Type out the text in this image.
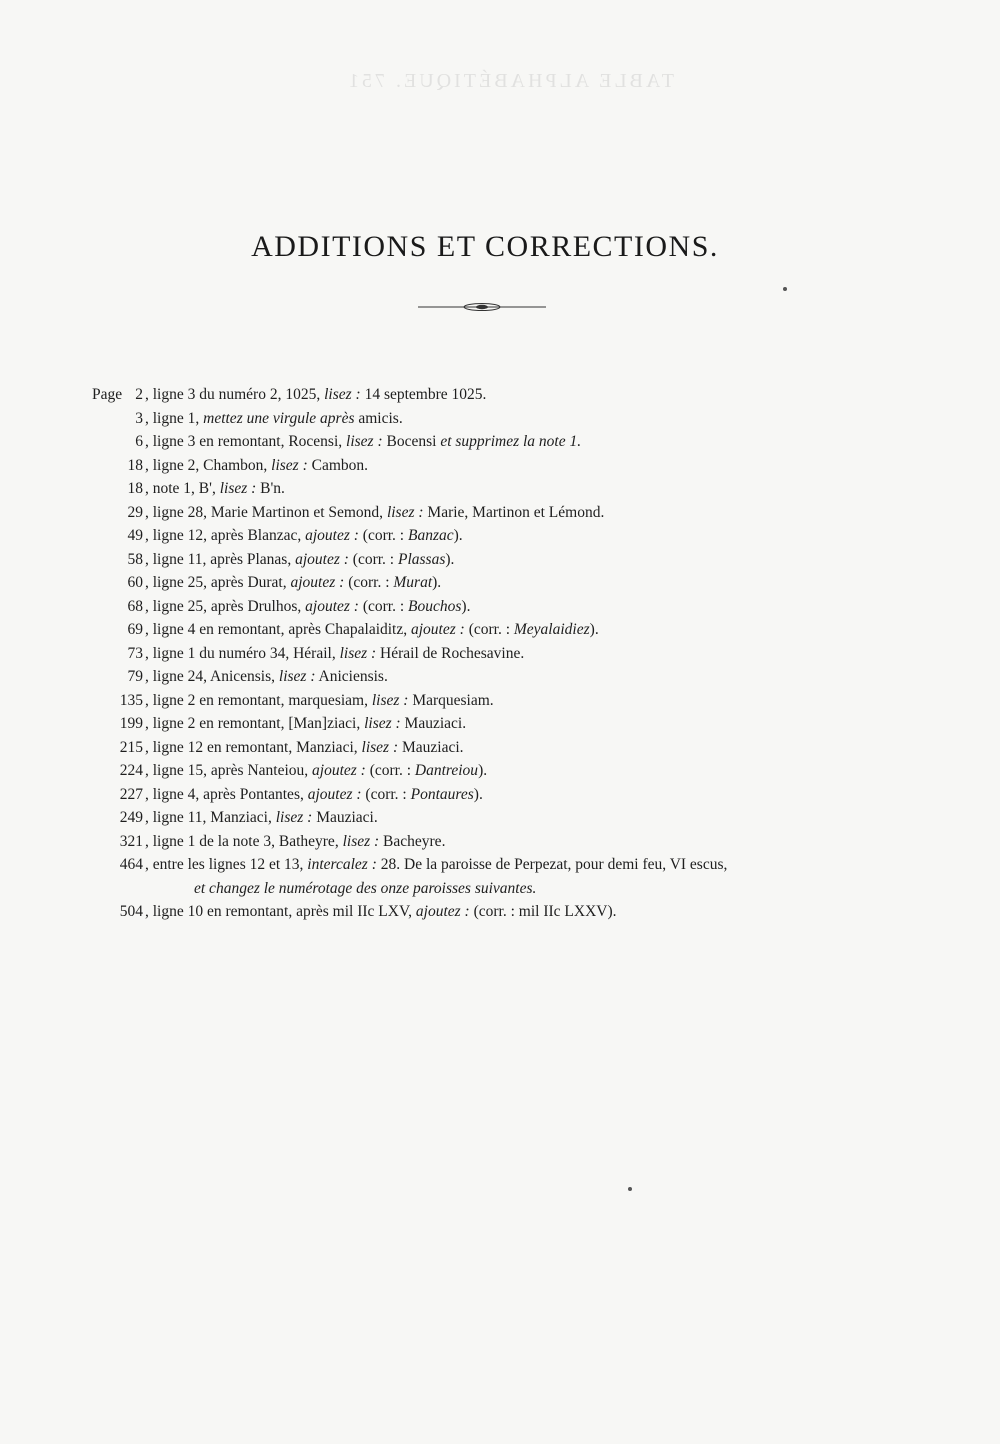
TABLE ALPHABÉTIQUE. 751
ADDITIONS ET CORRECTIONS.
Page 2 , ligne 3 du numéro 2, 1025, lisez : 14 septembre 1025.
3 , ligne 1, mettez une virgule après amicis.
6 , ligne 3 en remontant, Rocensi, lisez : Bocensi et supprimez la note 1.
18 , ligne 2, Chambon, lisez : Cambon.
18 , note 1, B', lisez : B'n.
29 , ligne 28, Marie Martinon et Semond, lisez : Marie, Martinon et Lémond.
49 , ligne 12, après Blanzac, ajoutez : (corr. : Banzac).
58 , ligne 11, après Planas, ajoutez : (corr. : Plassas).
60 , ligne 25, après Durat, ajoutez : (corr. : Murat).
68 , ligne 25, après Drulhos, ajoutez : (corr. : Bouchos).
69 , ligne 4 en remontant, après Chapalaiditz, ajoutez : (corr. : Meyalaidiez).
73 , ligne 1 du numéro 34, Hérail, lisez : Hérail de Rochesavine.
79 , ligne 24, Anicensis, lisez : Aniciensis.
135 , ligne 2 en remontant, marquesiam, lisez : Marquesiam.
199 , ligne 2 en remontant, [Man]ziaci, lisez : Mauziaci.
215 , ligne 12 en remontant, Manziaci, lisez : Mauziaci.
224 , ligne 15, après Nanteiou, ajoutez : (corr. : Dantreiou).
227 , ligne 4, après Pontantes, ajoutez : (corr. : Pontaures).
249 , ligne 11, Manziaci, lisez : Mauziaci.
321 , ligne 1 de la note 3, Batheyre, lisez : Bacheyre.
464 , entre les lignes 12 et 13, intercalez : 28. De la paroisse de Perpezat, pour demi feu, VI escus,
et changez le numérotage des onze paroisses suivantes.
504 , ligne 10 en remontant, après mil IIc LXV, ajoutez : (corr. : mil IIc LXXV).
